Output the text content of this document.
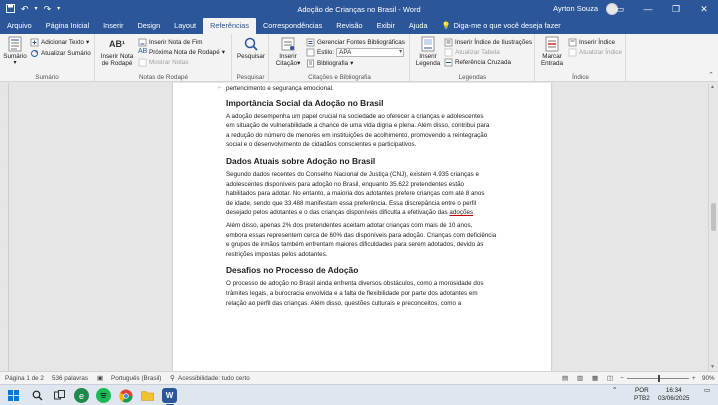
↶ ▾ ↷ ▾	Adoção de Crianças no Brasil - Word	Ayrton Souza	▭	—	❐	✕
Arquivo	Página Inicial	Inserir	Design	Layout	Referências	Correspondências	Revisão	Exibir	Ajuda	💡 Diga-me o que você deseja fazer
Sumário
▾
Adicionar Texto ▾
Atualizar Sumário
Sumário
AB¹
Inserir Nota
de Rodapé
Inserir Nota de Fim
AB Próxima Nota de Rodapé ▾
Mostrar Notas
Notas de Rodapé
Pesquisar
Pesquisar
Inserir
Citação▾
Gerenciar Fontes Bibliográficas
Estilo: APA ▾
Bibliografia ▾
Citações e Bibliografia
Inserir
Legenda
Inserir Índice de Ilustrações
Atualizar Tabela
Referência Cruzada
Legendas
Marcar
Entrada
Inserir Índice
Atualizar Índice
Índice	⌃
·
·
·
·
·
·
·
⌐ pertencimento e segurança emocional.
Importância Social da Adoção no Brasil
A adoção desempenha um papel crucial na sociedade ao oferecer a crianças e adolescentes
em situação de vulnerabilidade a chance de uma vida digna e plena. Além disso, contribui para
a redução do número de menores em instituições de acolhimento, promovendo a reintegração
social e o desenvolvimento de cidadãos conscientes e participativos.
Dados Atuais sobre Adoção no Brasil
Segundo dados recentes do Conselho Nacional de Justiça (CNJ), existem 4.935 crianças e
adolescentes disponíveis para adoção no Brasil, enquanto 35.622 pretendentes estão
habilitados para adotar. No entanto, a maioria dos adotantes prefere crianças com até 8 anos
de idade, sendo que 33.488 manifestam essa preferência. Essa discrepância entre o perfil
desejado pelos adotantes e o das crianças disponíveis dificulta a efetivação das adoções
Além disso, apenas 2% dos pretendentes aceitam adotar crianças com mais de 10 anos,
embora essas representem cerca de 60% das disponíveis para adoção. Crianças com deficiência
e grupos de irmãos também enfrentam maiores dificuldades para serem adotados, devido às
restrições impostas pelos adotantes.
Desafios no Processo de Adoção
O processo de adoção no Brasil ainda enfrenta diversos obstáculos, como a morosidade dos
trâmites legais, a burocracia envolvida e a falta de flexibilidade por parte dos adotantes em
relação ao perfil das crianças. Além disso, questões culturais e preconceitos, como a
▲
▼
Página 1 de 2 536 palavras ▣ Português (Brasil) ⚲ Acessibilidade: tudo certo	▤ ▥ ▦ ◫ −	+ 90%
e	W
⌃	POR
PTB2
16:34
03/06/2025
▭
